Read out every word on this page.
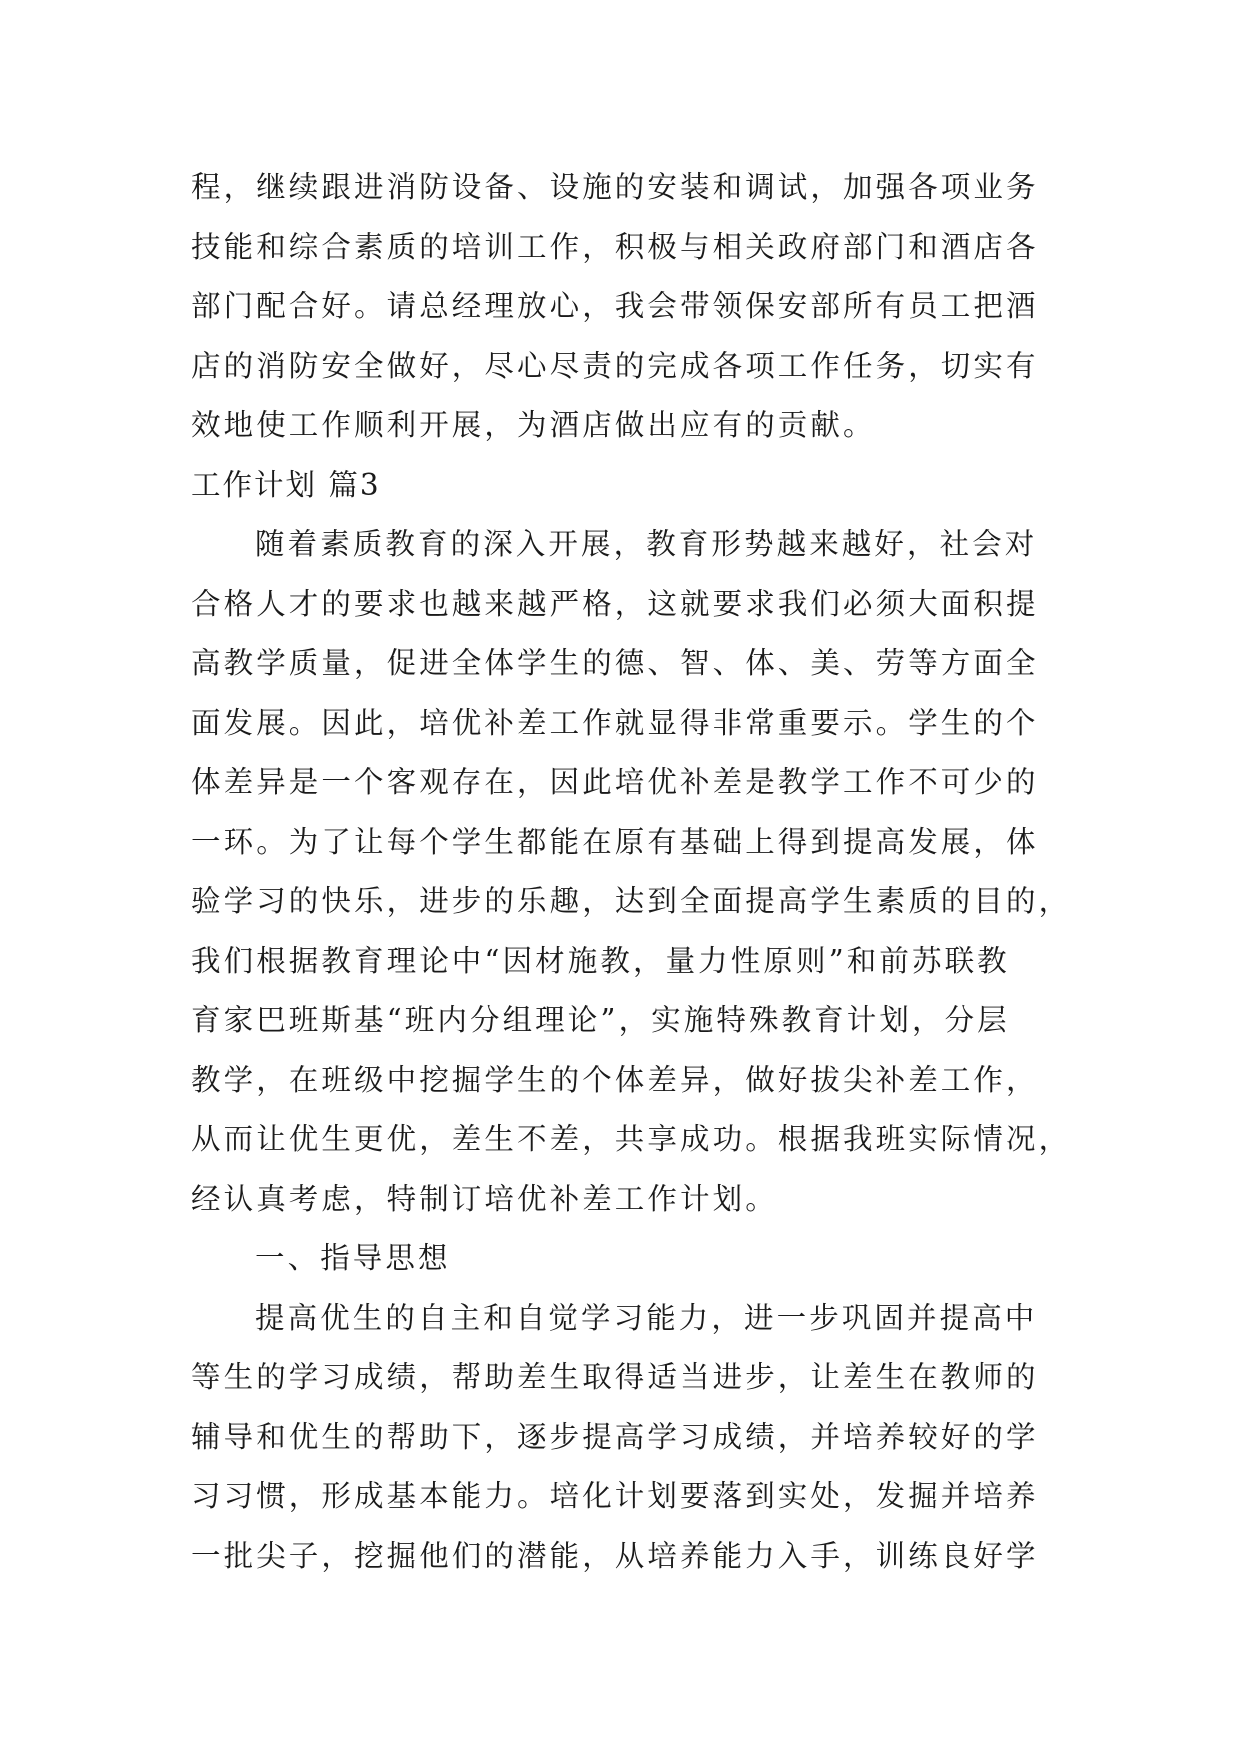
程，继续跟进消防设备、设施的安装和调试，加强各项业务
技能和综合素质的培训工作，积极与相关政府部门和酒店各
部门配合好。请总经理放心，我会带领保安部所有员工把酒
店的消防安全做好，尽心尽责的完成各项工作任务，切实有
效地使工作顺利开展，为酒店做出应有的贡献。
工作计划 篇3
随着素质教育的深入开展，教育形势越来越好，社会对
合格人才的要求也越来越严格，这就要求我们必须大面积提
高教学质量，促进全体学生的德、智、体、美、劳等方面全
面发展。因此，培优补差工作就显得非常重要示。学生的个
体差异是一个客观存在，因此培优补差是教学工作不可少的
一环。为了让每个学生都能在原有基础上得到提高发展，体
验学习的快乐，进步的乐趣，达到全面提高学生素质的目的，
我们根据教育理论中“因材施教，量力性原则”和前苏联教
育家巴班斯基“班内分组理论”，实施特殊教育计划，分层
教学，在班级中挖掘学生的个体差异，做好拔尖补差工作，
从而让优生更优，差生不差，共享成功。根据我班实际情况，
经认真考虑，特制订培优补差工作计划。
一、指导思想
提高优生的自主和自觉学习能力，进一步巩固并提高中
等生的学习成绩，帮助差生取得适当进步，让差生在教师的
辅导和优生的帮助下，逐步提高学习成绩，并培养较好的学
习习惯，形成基本能力。培化计划要落到实处，发掘并培养
一批尖子，挖掘他们的潜能，从培养能力入手，训练良好学
